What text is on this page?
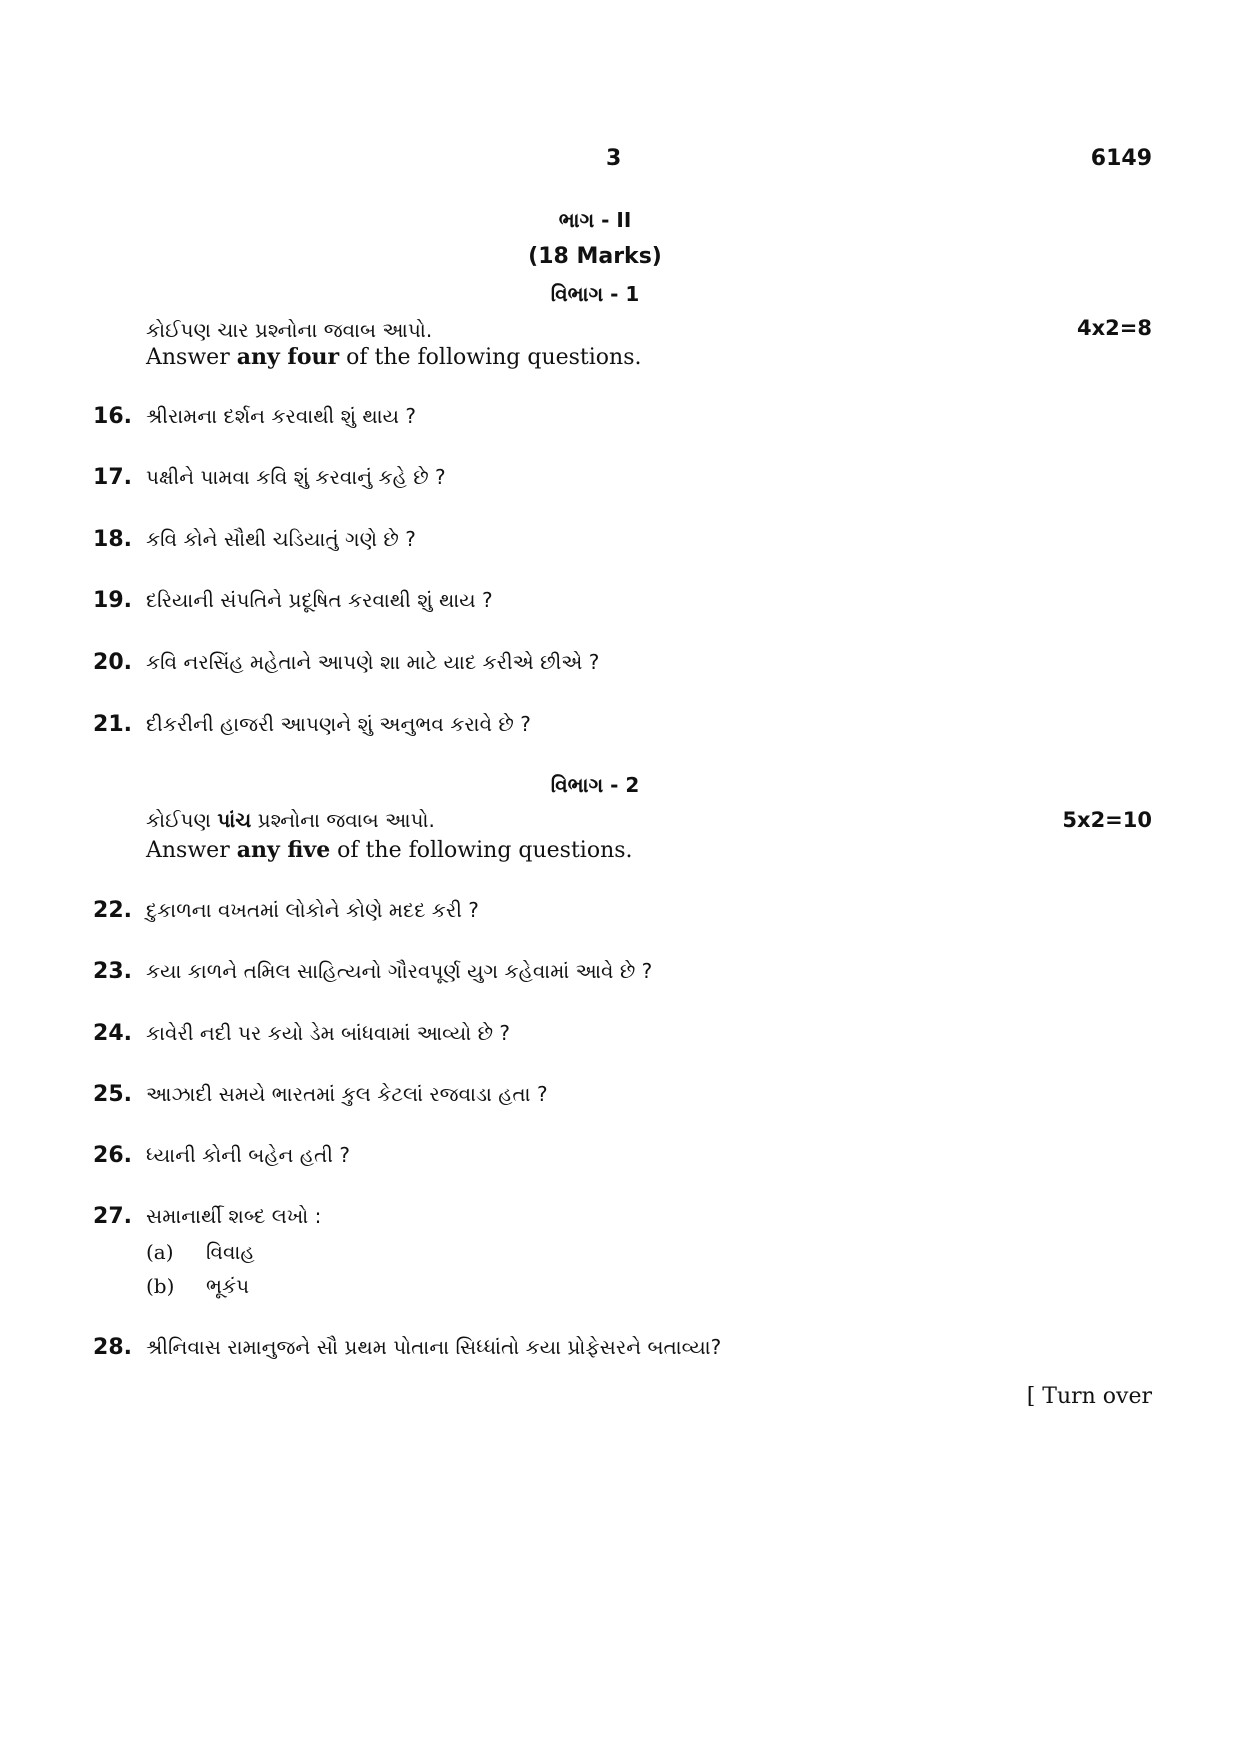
3	6149
ભાગ - II
(18 Marks)
વિભાગ - 1
કોઈપણ ચાર પ્રશ્નોના જવાબ આપો.	4x2=8
Answer any four of the following questions.
16. શ્રીરામના દર્શન કરવાથી શું થાય ?
17. પક્ષીને પામવા કવિ શું કરવાનું કહે છે ?
18. કવિ કોને સૌથી ચડિયાતું ગણે છે ?
19. દરિયાની સંપતિને પ્રદૂષિત કરવાથી શું થાય ?
20. કવિ નરસિંહ મહેતાને આપણે શા માટે યાદ કરીએ છીએ ?
21. દીકરીની હાજરી આપણને શું અનુભવ કરાવે છે ?
વિભાગ - 2
કોઈપણ પાંચ પ્રશ્નોના જવાબ આપો.	5x2=10
Answer any five of the following questions.
22. દુકાળના વખતમાં લોકોને કોણે મદદ કરી ?
23. કયા કાળને તમિલ સાહિત્યનો ગૌરવપૂર્ણ યુગ કહેવામાં આવે છે ?
24. કાવેરી નદી પર કયો ડેમ બાંધવામાં આવ્યો છે ?
25. આઝાદી સમયે ભારતમાં કુલ કેટલાં રજવાડા હતા ?
26. ધ્યાની કોની બહેન હતી ?
27. સમાનાર્થી શબ્દ લખો :
(a) વિવાહ
(b) ભૂકંપ
28. શ્રીનિવાસ રામાનુજને સૌ પ્રથમ પોતાના સિધ્ધાંતો કયા પ્રોફેસરને બતાવ્યા?
[ Turn over
